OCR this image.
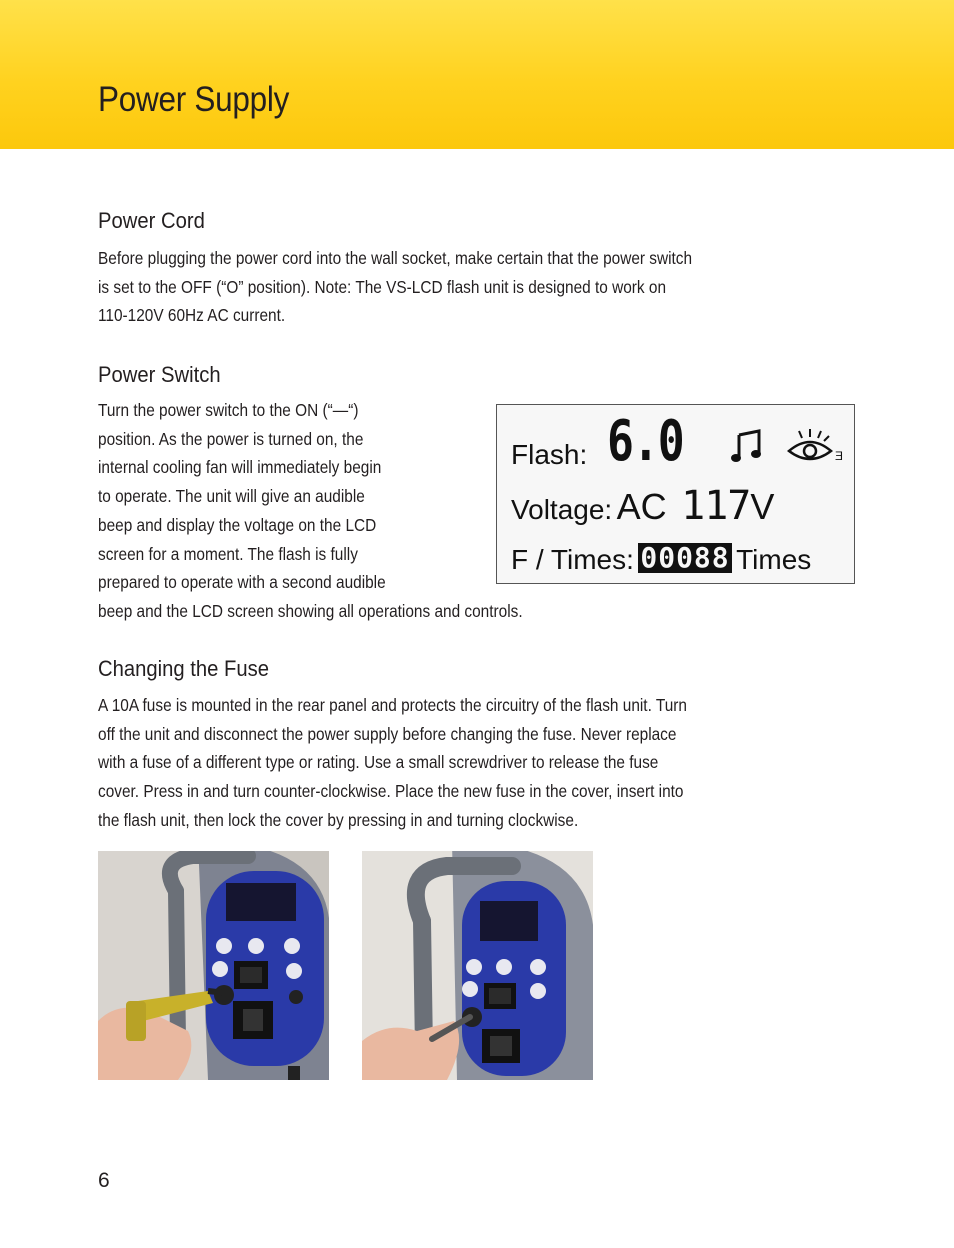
Power Supply
Power Cord

Before plugging the power cord into the wall socket, make certain that the power switch
is set to the OFF (“O” position). Note: The VS-LCD flash unit is designed to work on
110-120V 60Hz AC current.

Power Switch

Turn the power switch to the ON (“—“)
position. As the power is turned on, the
internal cooling fan will immediately begin
to operate. The unit will give an audible
beep and display the voltage on the LCD
screen for a moment. The flash is fully
prepared to operate with a second audible
beep and the LCD screen showing all operations and controls.

Flash: 6.0	E
Voltage: AC 117V
F / Times: 00088 Times
Changing the Fuse

A 10A fuse is mounted in the rear panel and protects the circuitry of the flash unit. Turn
off the unit and disconnect the power supply before changing the fuse. Never replace
with a fuse of a different type or rating. Use a small screwdriver to release the fuse
cover. Press in and turn counter-clockwise. Place the new fuse in the cover, insert into
the flash unit, then lock the cover by pressing in and turning clockwise.

6
